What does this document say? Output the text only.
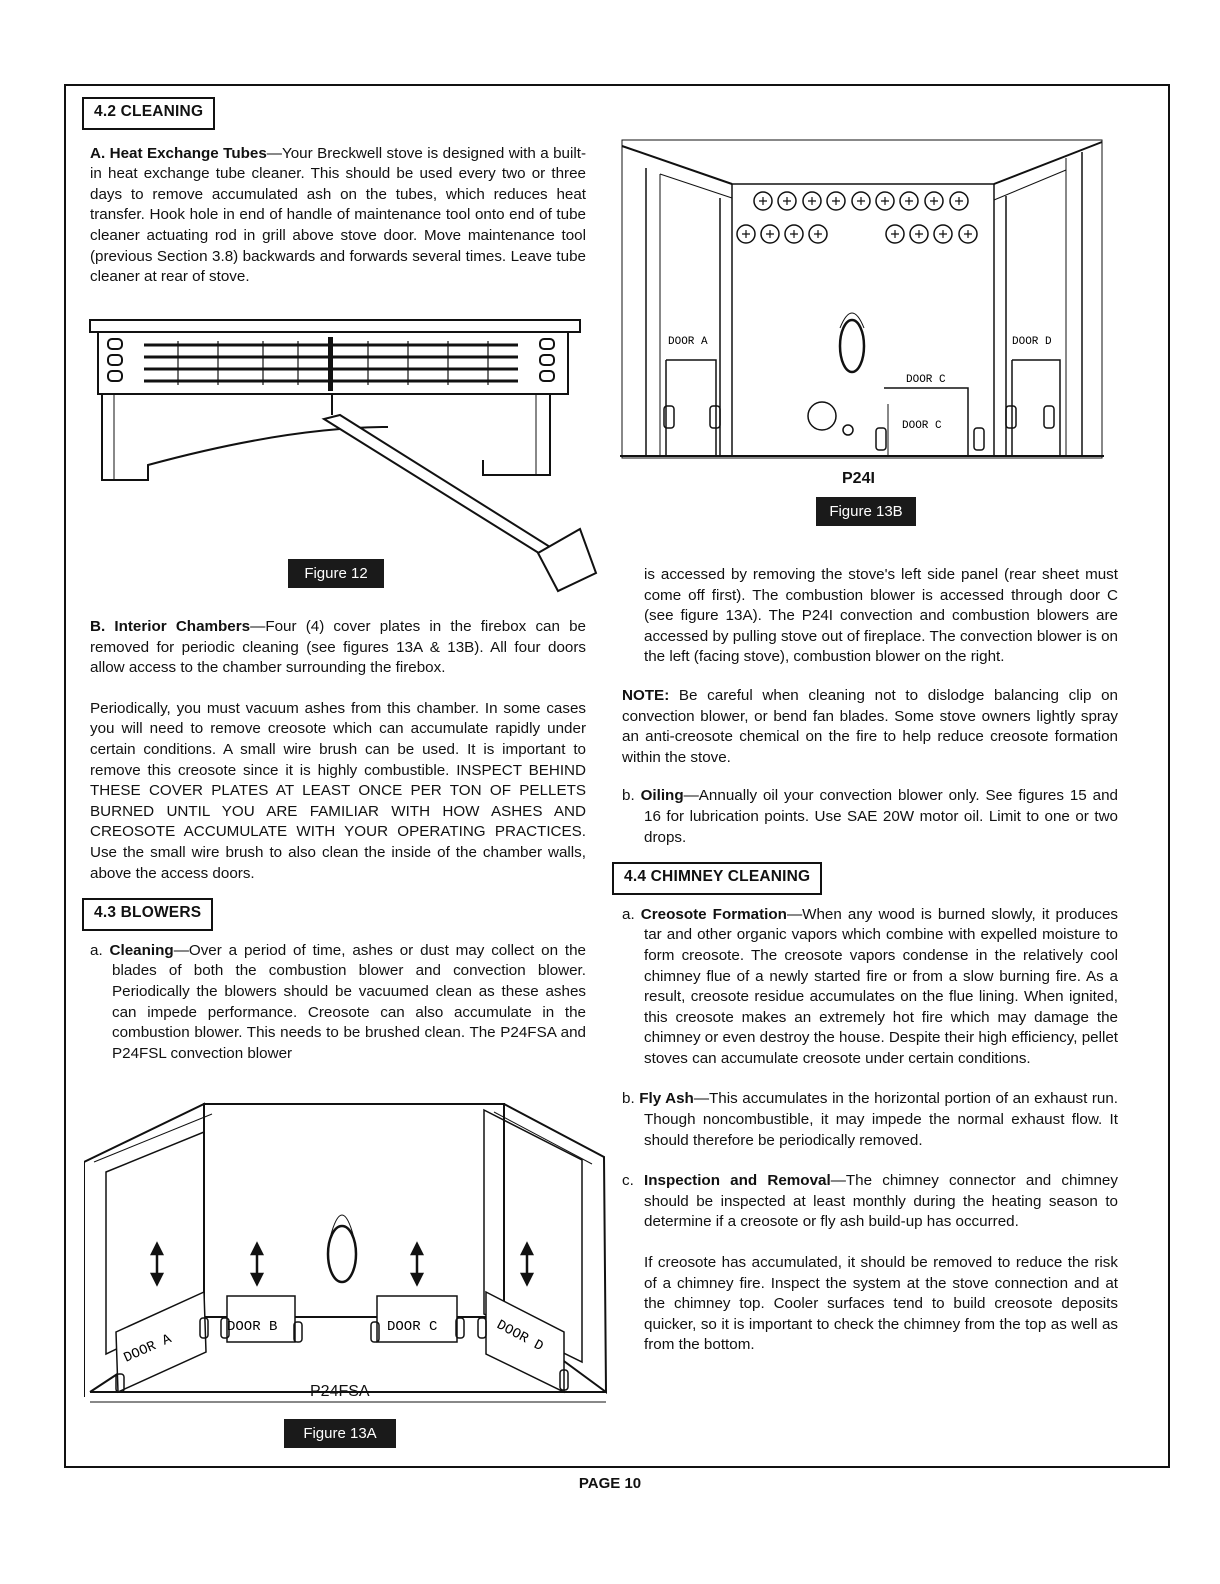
4.2 CLEANING

A. Heat Exchange Tubes—Your Breckwell stove is designed with a built-in heat exchange tube cleaner. This should be used every two or three days to remove accumulated ash on the tubes, which reduces heat transfer. Hook hole in end of handle of maintenance tool onto end of tube cleaner actuating rod in grill above stove door. Move maintenance tool (previous Section 3.8) backwards and forwards several times. Leave tube cleaner at rear of stove.

Figure 12

B. Interior Chambers—Four (4) cover plates in the firebox can be removed for periodic cleaning (see figures 13A & 13B). All four doors allow access to the chamber surrounding the firebox.

Periodically, you must vacuum ashes from this chamber. In some cases you will need to remove creosote which can accumulate rapidly under certain conditions. A small wire brush can be used. It is important to remove this creosote since it is highly combustible. INSPECT BEHIND THESE COVER PLATES AT LEAST ONCE PER TON OF PELLETS BURNED UNTIL YOU ARE FAMILIAR WITH HOW ASHES AND CREOSOTE ACCUMULATE WITH YOUR OPERATING PRACTICES. Use the small wire brush to also clean the inside of the chamber walls, above the access doors.

4.3 BLOWERS

a. Cleaning—Over a period of time, ashes or dust may collect on the blades of both the combustion blower and convection blower. Periodically the blowers should be vacuumed clean as these ashes can impede performance. Creosote can also accumulate in the combustion blower. This needs to be brushed clean. The P24FSA and P24FSL convection blower

DOOR A
DOOR B	DOOR C	DOOR D
P24FSA
Figure 13A
DOOR A
DOOR C
DOOR C
DOOR D
P24I
Figure 13B

is accessed by removing the stove's left side panel (rear sheet must come off first). The combustion blower is accessed through door C (see figure 13A). The P24I convection and combustion blowers are accessed by pulling stove out of fireplace. The convection blower is on the left (facing stove), combustion blower on the right.

NOTE: Be careful when cleaning not to dislodge balancing clip on convection blower, or bend fan blades. Some stove owners lightly spray an anti-creosote chemical on the fire to help reduce creosote formation within the stove.

b. Oiling—Annually oil your convection blower only. See figures 15 and 16 for lubrication points. Use SAE 20W motor oil. Limit to one or two drops.

4.4 CHIMNEY CLEANING

a. Creosote Formation—When any wood is burned slowly, it produces tar and other organic vapors which combine with expelled moisture to form creosote. The creosote vapors condense in the relatively cool chimney flue of a newly started fire or from a slow burning fire. As a result, creosote residue accumulates on the flue lining. When ignited, this creosote makes an extremely hot fire which may damage the chimney or even destroy the house. Despite their high efficiency, pellet stoves can accumulate creosote under certain conditions.

b. Fly Ash—This accumulates in the horizontal portion of an exhaust run. Though noncombustible, it may impede the normal exhaust flow. It should therefore be periodically removed.

c. Inspection and Removal—The chimney connector and chimney should be inspected at least monthly during the heating season to determine if a creosote or fly ash build-up has occurred.

If creosote has accumulated, it should be removed to reduce the risk of a chimney fire. Inspect the system at the stove connection and at the chimney top. Cooler surfaces tend to build creosote deposits quicker, so it is important to check the chimney from the top as well as from the bottom.

PAGE 10
